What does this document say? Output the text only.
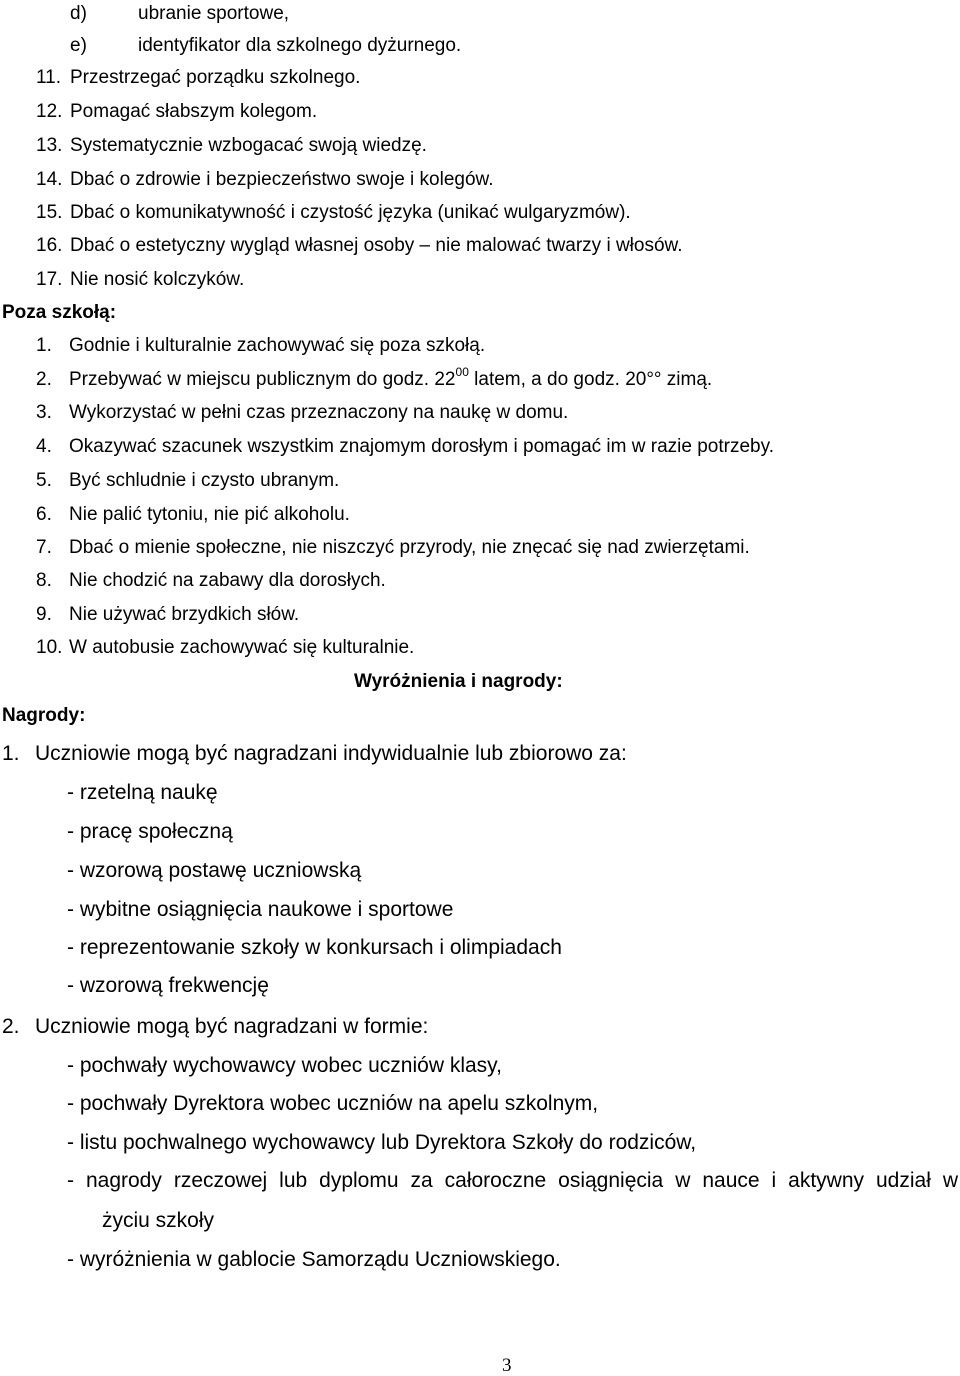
d)	ubranie sportowe,
e)	identyfikator dla szkolnego dyżurnego.
11. Przestrzegać porządku szkolnego.
12. Pomagać słabszym kolegom.
13. Systematycznie wzbogacać swoją wiedzę.
14. Dbać o zdrowie i bezpieczeństwo swoje i kolegów.
15. Dbać o komunikatywność i czystość języka (unikać wulgaryzmów).
16. Dbać o estetyczny wygląd własnej osoby – nie malować twarzy i włosów.
17. Nie nosić kolczyków.
Poza szkołą:
1. Godnie i kulturalnie zachowywać się poza szkołą.
2. Przebywać w miejscu publicznym do godz. $22^{00}$ latem, a do godz. 20°° zimą.
3. Wykorzystać w pełni czas przeznaczony na naukę w domu.
4. Okazywać szacunek wszystkim znajomym dorosłym i pomagać im w razie potrzeby.
5. Być schludnie i czysto ubranym.
6. Nie palić tytoniu, nie pić alkoholu.
7. Dbać o mienie społeczne, nie niszczyć przyrody, nie znęcać się nad zwierzętami.
8. Nie chodzić na zabawy dla dorosłych.
9. Nie używać brzydkich słów.
10. W autobusie zachowywać się kulturalnie.
Wyróżnienia i nagrody:
Nagrody:
1. Uczniowie mogą być nagradzani indywidualnie lub zbiorowo za:
- rzetelną naukę
- pracę społeczną
- wzorową postawę uczniowską
- wybitne osiągnięcia naukowe i sportowe
- reprezentowanie szkoły w konkursach i olimpiadach
- wzorową frekwencję
2. Uczniowie mogą być nagradzani w formie:
- pochwały wychowawcy wobec uczniów klasy,
- pochwały Dyrektora wobec uczniów na apelu szkolnym,
- listu pochwalnego wychowawcy lub Dyrektora Szkoły do rodziców,
- nagrody rzeczowej lub dyplomu za całoroczne osiągnięcia w nauce i aktywny udział w
życiu szkoły
- wyróżnienia w gablocie Samorządu Uczniowskiego.
3
